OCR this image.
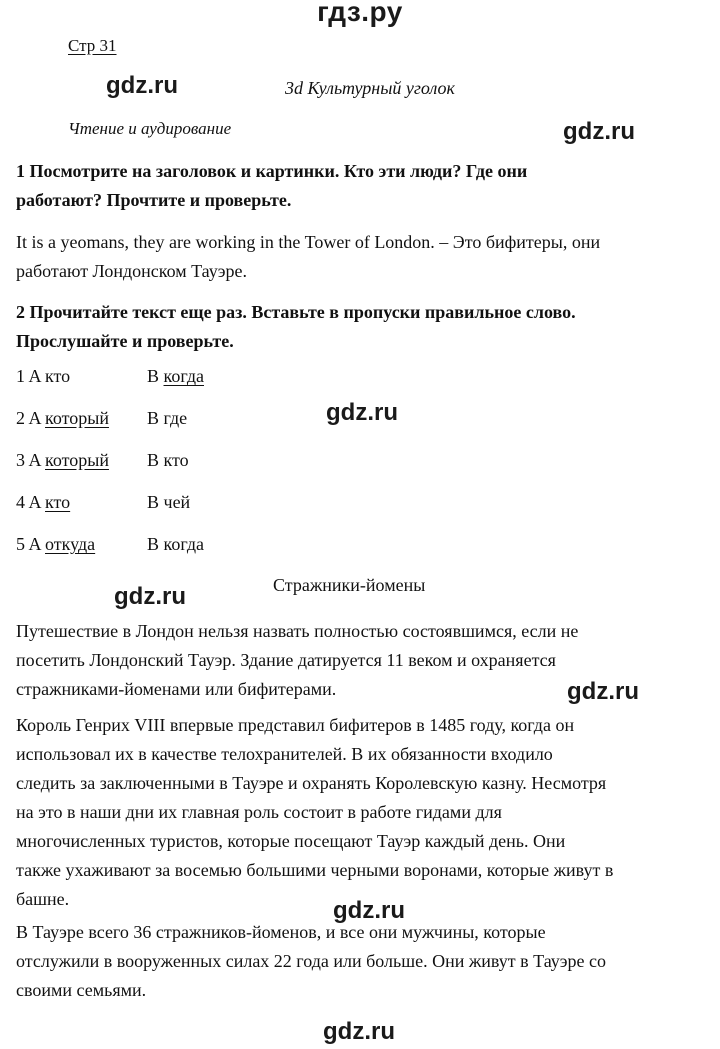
гдз.ру
gdz.ru
gdz.ru
gdz.ru
gdz.ru
gdz.ru
gdz.ru
gdz.ru
Стр 31
3d Культурный уголок
Чтение и аудирование
1 Посмотрите на заголовок и картинки. Кто эти люди? Где они
работают? Прочтите и проверьте.
It is a yeomans, they are working in the Tower of London. – Это бифитеры, они
работают Лондонском Тауэре.
2 Прочитайте текст еще раз. Вставьте в пропуски правильное слово.
Прослушайте и проверьте.
1 A кто	B когда
2 A который B где
3 A который B кто
4 A кто	B чей
5 A откуда	B когда
Стражники-йомены
Путешествие в Лондон нельзя назвать полностью состоявшимся, если не
посетить Лондонский Тауэр. Здание датируется 11 веком и охраняется
стражниками-йоменами или бифитерами.
Король Генрих VIII впервые представил бифитеров в 1485 году, когда он
использовал их в качестве телохранителей. В их обязанности входило
следить за заключенными в Тауэре и охранять Королевскую казну. Несмотря
на это в наши дни их главная роль состоит в работе гидами для
многочисленных туристов, которые посещают Тауэр каждый день. Они
также ухаживают за восемью большими черными воронами, которые живут в
башне.
В Тауэре всего 36 стражников-йоменов, и все они мужчины, которые
отслужили в вооруженных силах 22 года или больше. Они живут в Тауэре со
своими семьями.
